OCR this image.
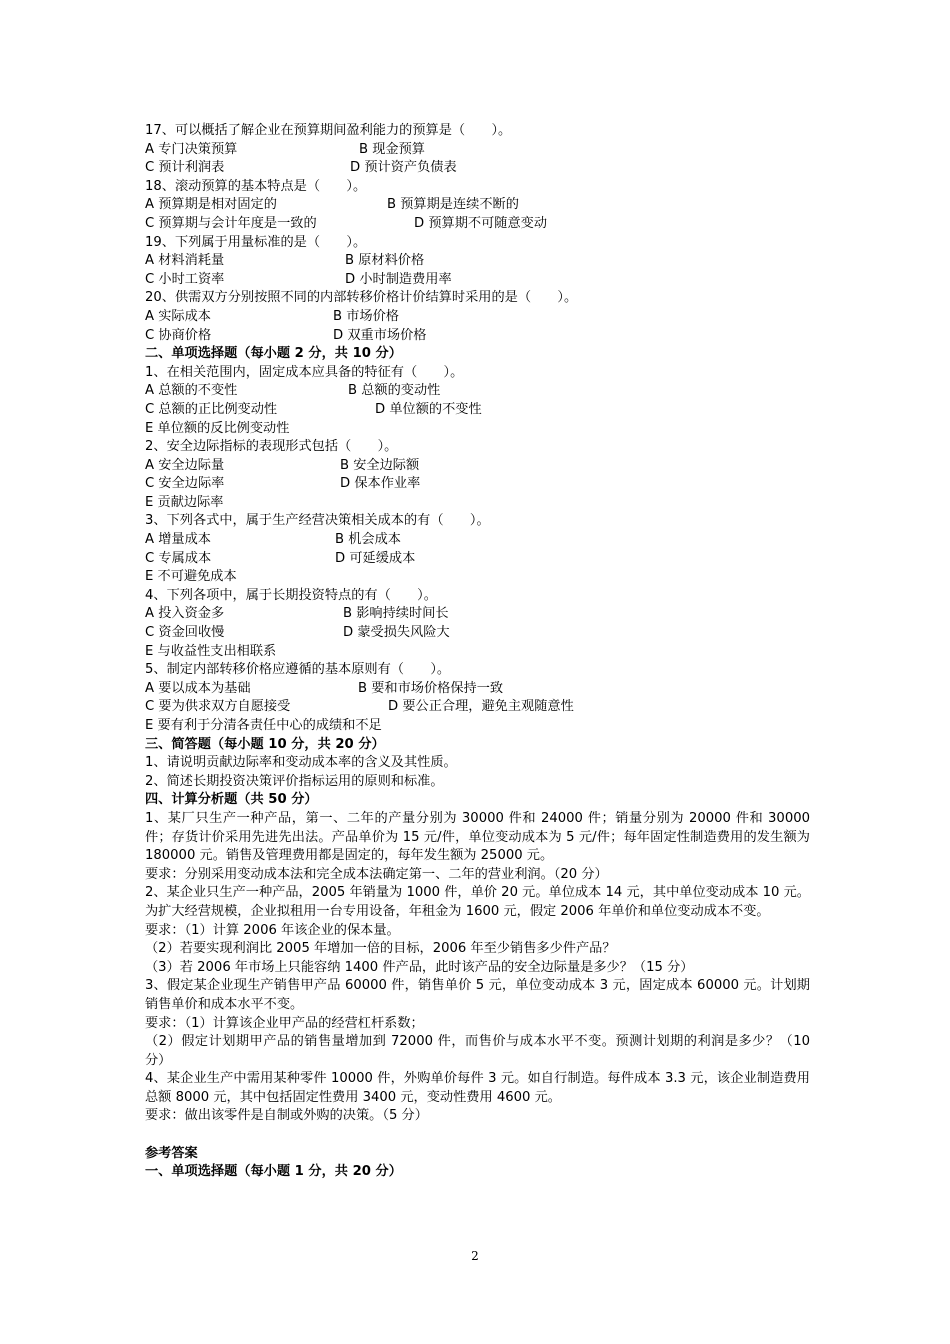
17、可以概括了解企业在预算期间盈利能力的预算是（　　）。
A 专门决策预算	B 现金预算
C 预计利润表	D 预计资产负债表
18、滚动预算的基本特点是（　　）。
A 预算期是相对固定的	B 预算期是连续不断的
C 预算期与会计年度是一致的	D 预算期不可随意变动
19、下列属于用量标准的是（　　）。
A 材料消耗量	B 原材料价格
C 小时工资率	D 小时制造费用率
20、供需双方分别按照不同的内部转移价格计价结算时采用的是（　　）。
A 实际成本	B 市场价格
C 协商价格	D 双重市场价格
二、单项选择题（每小题 2 分，共 10 分）
1、在相关范围内，固定成本应具备的特征有（　　）。
A 总额的不变性	B 总额的变动性
C 总额的正比例变动性	D 单位额的不变性
E 单位额的反比例变动性
2、安全边际指标的表现形式包括（　　）。
A 安全边际量	B 安全边际额
C 安全边际率	D 保本作业率
E 贡献边际率
3、下列各式中，属于生产经营决策相关成本的有（　　）。
A 增量成本	B 机会成本
C 专属成本	D 可延缓成本
E 不可避免成本
4、下列各项中，属于长期投资特点的有（　　）。
A 投入资金多	B 影响持续时间长
C 资金回收慢	D 蒙受损失风险大
E 与收益性支出相联系
5、制定内部转移价格应遵循的基本原则有（　　）。
A 要以成本为基础	B 要和市场价格保持一致
C 要为供求双方自愿接受	D 要公正合理，避免主观随意性
E 要有利于分清各责任中心的成绩和不足
三、简答题（每小题 10 分，共 20 分）
1、请说明贡献边际率和变动成本率的含义及其性质。
2、简述长期投资决策评价指标运用的原则和标准。
四、计算分析题（共 50 分）
1、某厂只生产一种产品，第一、二年的产量分别为 30000 件和 24000 件；销量分别为 20000 件和 30000 件；存货计价采用先进先出法。产品单价为 15 元/件，单位变动成本为 5 元/件；每年固定性制造费用的发生额为 180000 元。销售及管理费用都是固定的，每年发生额为 25000 元。
要求：分别采用变动成本法和完全成本法确定第一、二年的营业利润。（20 分）
2、某企业只生产一种产品，2005 年销量为 1000 件，单价 20 元。单位成本 14 元，其中单位变动成本 10 元。为扩大经营规模，企业拟租用一台专用设备，年租金为 1600 元，假定 2006 年单价和单位变动成本不变。
要求：（1）计算 2006 年该企业的保本量。
（2）若要实现利润比 2005 年增加一倍的目标，2006 年至少销售多少件产品？
（3）若 2006 年市场上只能容纳 1400 件产品，此时该产品的安全边际量是多少？（15 分）
3、假定某企业现生产销售甲产品 60000 件，销售单价 5 元，单位变动成本 3 元，固定成本 60000 元。计划期销售单价和成本水平不变。
要求：（1）计算该企业甲产品的经营杠杆系数；
（2）假定计划期甲产品的销售量增加到 72000 件，而售价与成本水平不变。预测计划期的利润是多少？（10 分）
4、某企业生产中需用某种零件 10000 件，外购单价每件 3 元。如自行制造。每件成本 3.3 元，该企业制造费用总额 8000 元，其中包括固定性费用 3400 元，变动性费用 4600 元。
要求：做出该零件是自制或外购的决策。（5 分）
参考答案
一、单项选择题（每小题 1 分，共 20 分）
2
